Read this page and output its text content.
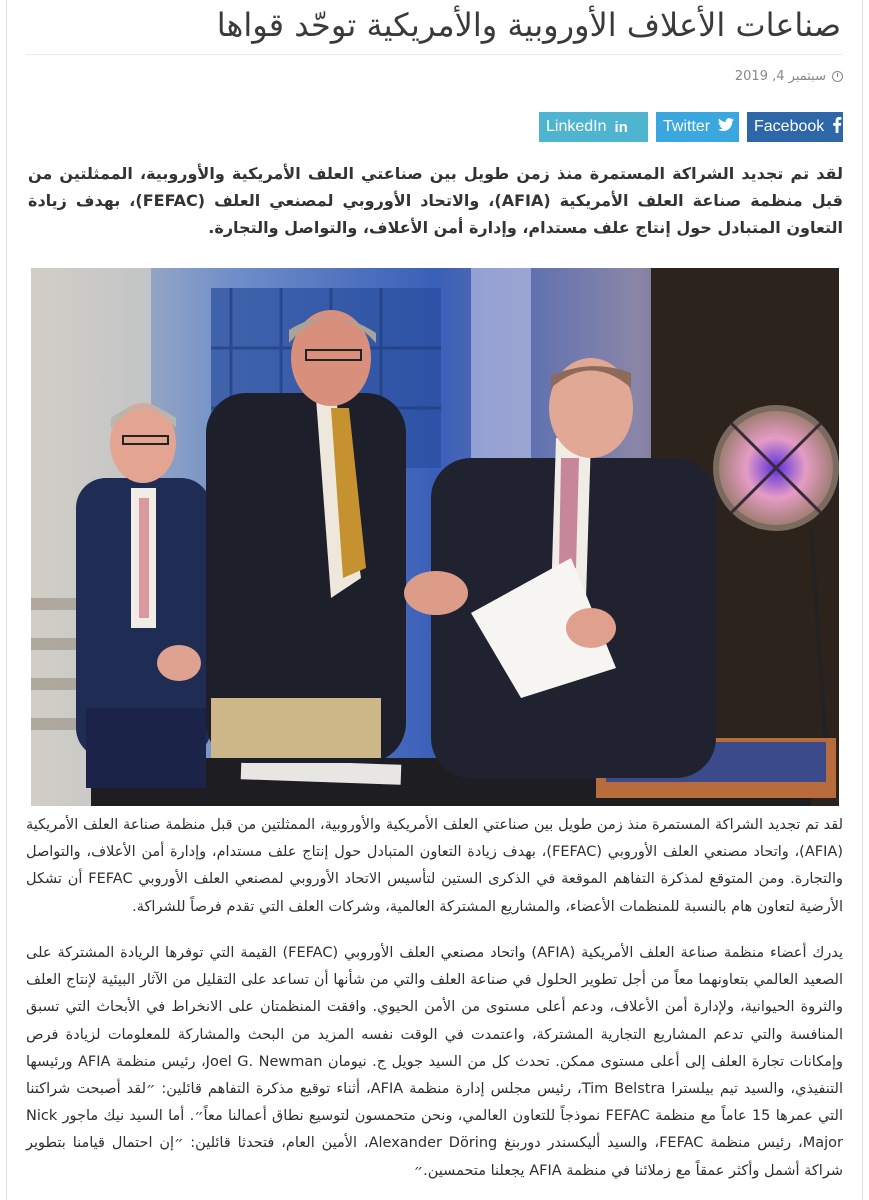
صناعات الأعلاف الأوروبية والأمريكية توحّد قواها
سبتمبر 4, 2019
LinkedIn in Twitter	Facebook

لقد تم تجديد الشراكة المستمرة منذ زمن طويل بين صناعتي العلف الأمريكية والأوروبية، الممثلتين من قبل منظمة صناعة العلف الأمريكية (AFIA)، والاتحاد الأوروبي لمصنعي العلف (FEFAC)، بهدف زيادة التعاون المتبادل حول إنتاج علف مستدام، وإدارة أمن الأعلاف، والتواصل والتجارة.

لقد تم تجديد الشراكة المستمرة منذ زمن طويل بين صناعتي العلف الأمريكية والأوروبية، الممثلتين من قبل منظمة صناعة العلف الأمريكية (AFIA)، واتحاد مصنعي العلف الأوروبي (FEFAC)، بهدف زيادة التعاون المتبادل حول إنتاج علف مستدام، وإدارة أمن الأعلاف، والتواصل والتجارة. ومن المتوقع لمذكرة التفاهم الموقعة في الذكرى الستين لتأسيس الاتحاد الأوروبي لمصنعي العلف الأوروبي FEFAC أن تشكل الأرضية لتعاون هام بالنسبة للمنظمات الأعضاء، والمشاريع المشتركة العالمية، وشركات العلف التي تقدم فرصاً للشراكة.

يدرك أعضاء منظمة صناعة العلف الأمريكية (AFIA) واتحاد مصنعي العلف الأوروبي (FEFAC) القيمة التي توفرها الريادة المشتركة على الصعيد العالمي بتعاونهما معاً من أجل تطوير الحلول في صناعة العلف والتي من شأنها أن تساعد على التقليل من الآثار البيئية لإنتاج العلف والثروة الحيوانية، ولإدارة أمن الأعلاف، ودعم أعلى مستوى من الأمن الحيوي. وافقت المنظمتان على الانخراط في الأبحاث التي تسبق المنافسة والتي تدعم المشاريع التجارية المشتركة، واعتمدت في الوقت نفسه المزيد من البحث والمشاركة للمعلومات لزيادة فرص وإمكانات تجارة العلف إلى أعلى مستوى ممكن. تحدث كل من السيد جويل ج. نيومان Joel G. Newman، رئيس منظمة AFIA ورئيسها التنفيذي، والسيد تيم بيلسترا Tim Belstra، رئيس مجلس إدارة منظمة AFIA، أثناء توقيع مذكرة التفاهم قائلين: ״لقد أصبحت شراكتنا التي عمرها 15 عاماً مع منظمة FEFAC نموذجاً للتعاون العالمي، ونحن متحمسون لتوسيع نطاق أعمالنا معاً״. أما السيد نيك ماجور Nick Major، رئيس منظمة FEFAC، والسيد أليكسندر دوربنغ Alexander Döring، الأمين العام، فتحدثا قائلين: ״إن احتمال قيامنا بتطوير شراكة أشمل وأكثر عمقاً مع زملائنا في منظمة AFIA يجعلنا متحمسين.״
